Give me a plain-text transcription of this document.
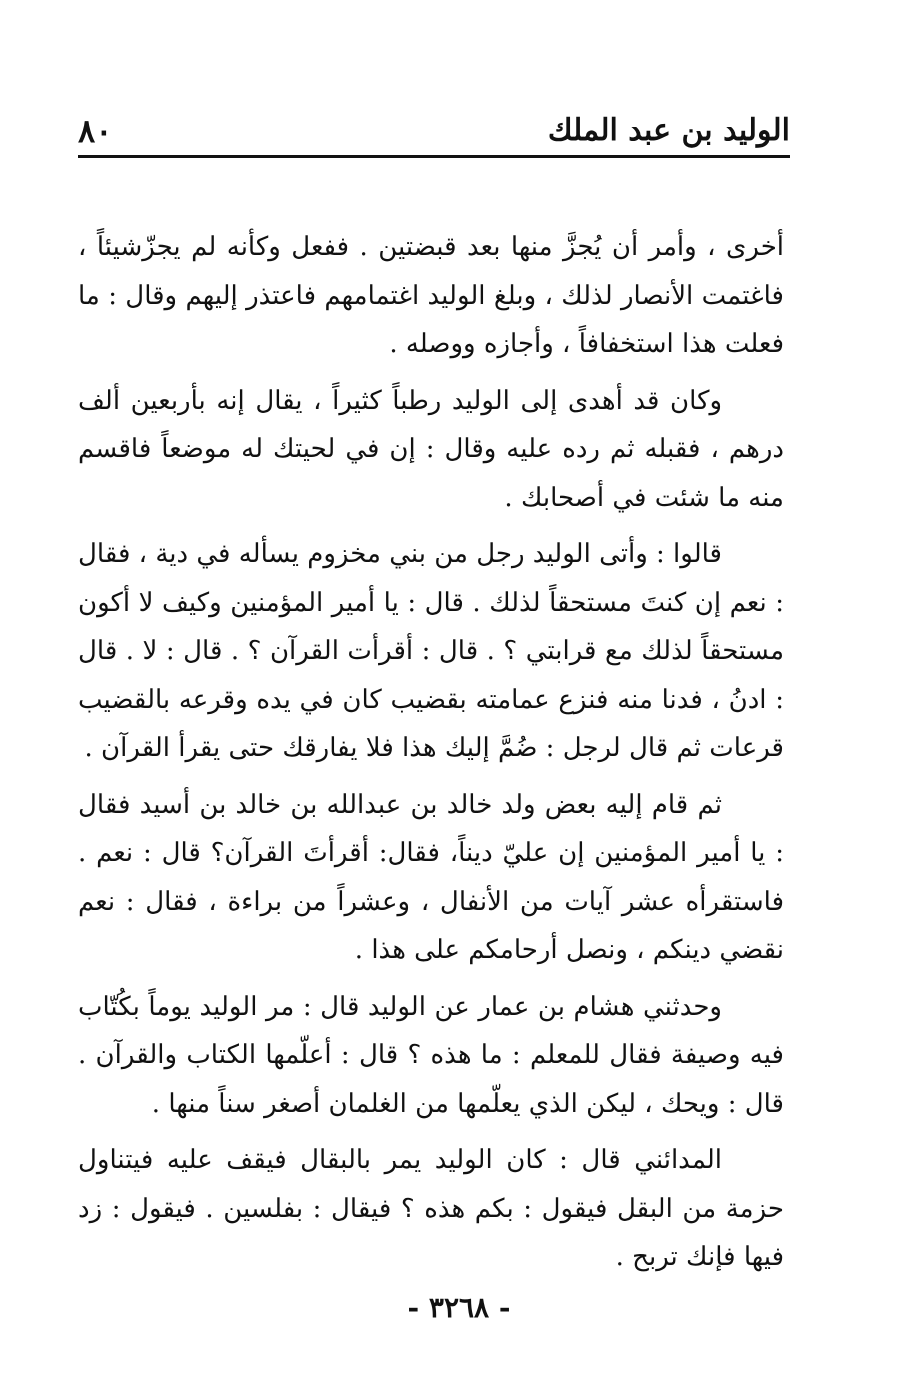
الوليد بن عبد الملك
٨٠

أخرى ، وأمر أن يُجزَّ منها بعد قبضتين . ففعل وكأنه لم يجزّشيئاً ، فاغتمت الأنصار لذلك ، وبلغ الوليد اغتمامهم فاعتذر إليهم وقال : ما فعلت هذا استخفافاً ، وأجازه ووصله .

وكان قد أهدى إلى الوليد رطباً كثيراً ، يقال إنه بأربعين ألف درهم ، فقبله ثم رده عليه وقال : إن في لحيتك له موضعاً فاقسم منه ما شئت في أصحابك .

قالوا : وأتى الوليد رجل من بني مخزوم يسأله في دية ، فقال : نعم إن كنتَ مستحقاً لذلك . قال : يا أمير المؤمنين وكيف لا أكون مستحقاً لذلك مع قرابتي ؟ . قال : أقرأت القرآن ؟ . قال : لا . قال : ادنُ ، فدنا منه فنزع عمامته بقضيب كان في يده وقرعه بالقضيب قرعات ثم قال لرجل : ضُمَّ إليك هذا فلا يفارقك حتى يقرأ القرآن .

ثم قام إليه بعض ولد خالد بن عبدالله بن خالد بن أسيد فقال : يا أمير المؤمنين إن عليّ ديناً، فقال: أقرأتَ القرآن؟ قال : نعم . فاستقرأه عشر آيات من الأنفال ، وعشراً من براءة ، فقال : نعم نقضي دينكم ، ونصل أرحامكم على هذا .

وحدثني هشام بن عمار عن الوليد قال : مر الوليد يوماً بكُتّاب فيه وصيفة فقال للمعلم : ما هذه ؟ قال : أعلّمها الكتاب والقرآن . قال : ويحك ، ليكن الذي يعلّمها من الغلمان أصغر سناً منها .

المدائني قال : كان الوليد يمر بالبقال فيقف عليه فيتناول حزمة من البقل فيقول : بكم هذه ؟ فيقال : بفلسين . فيقول : زد فيها فإنك تربح .

- ٣٢٦٨ -
